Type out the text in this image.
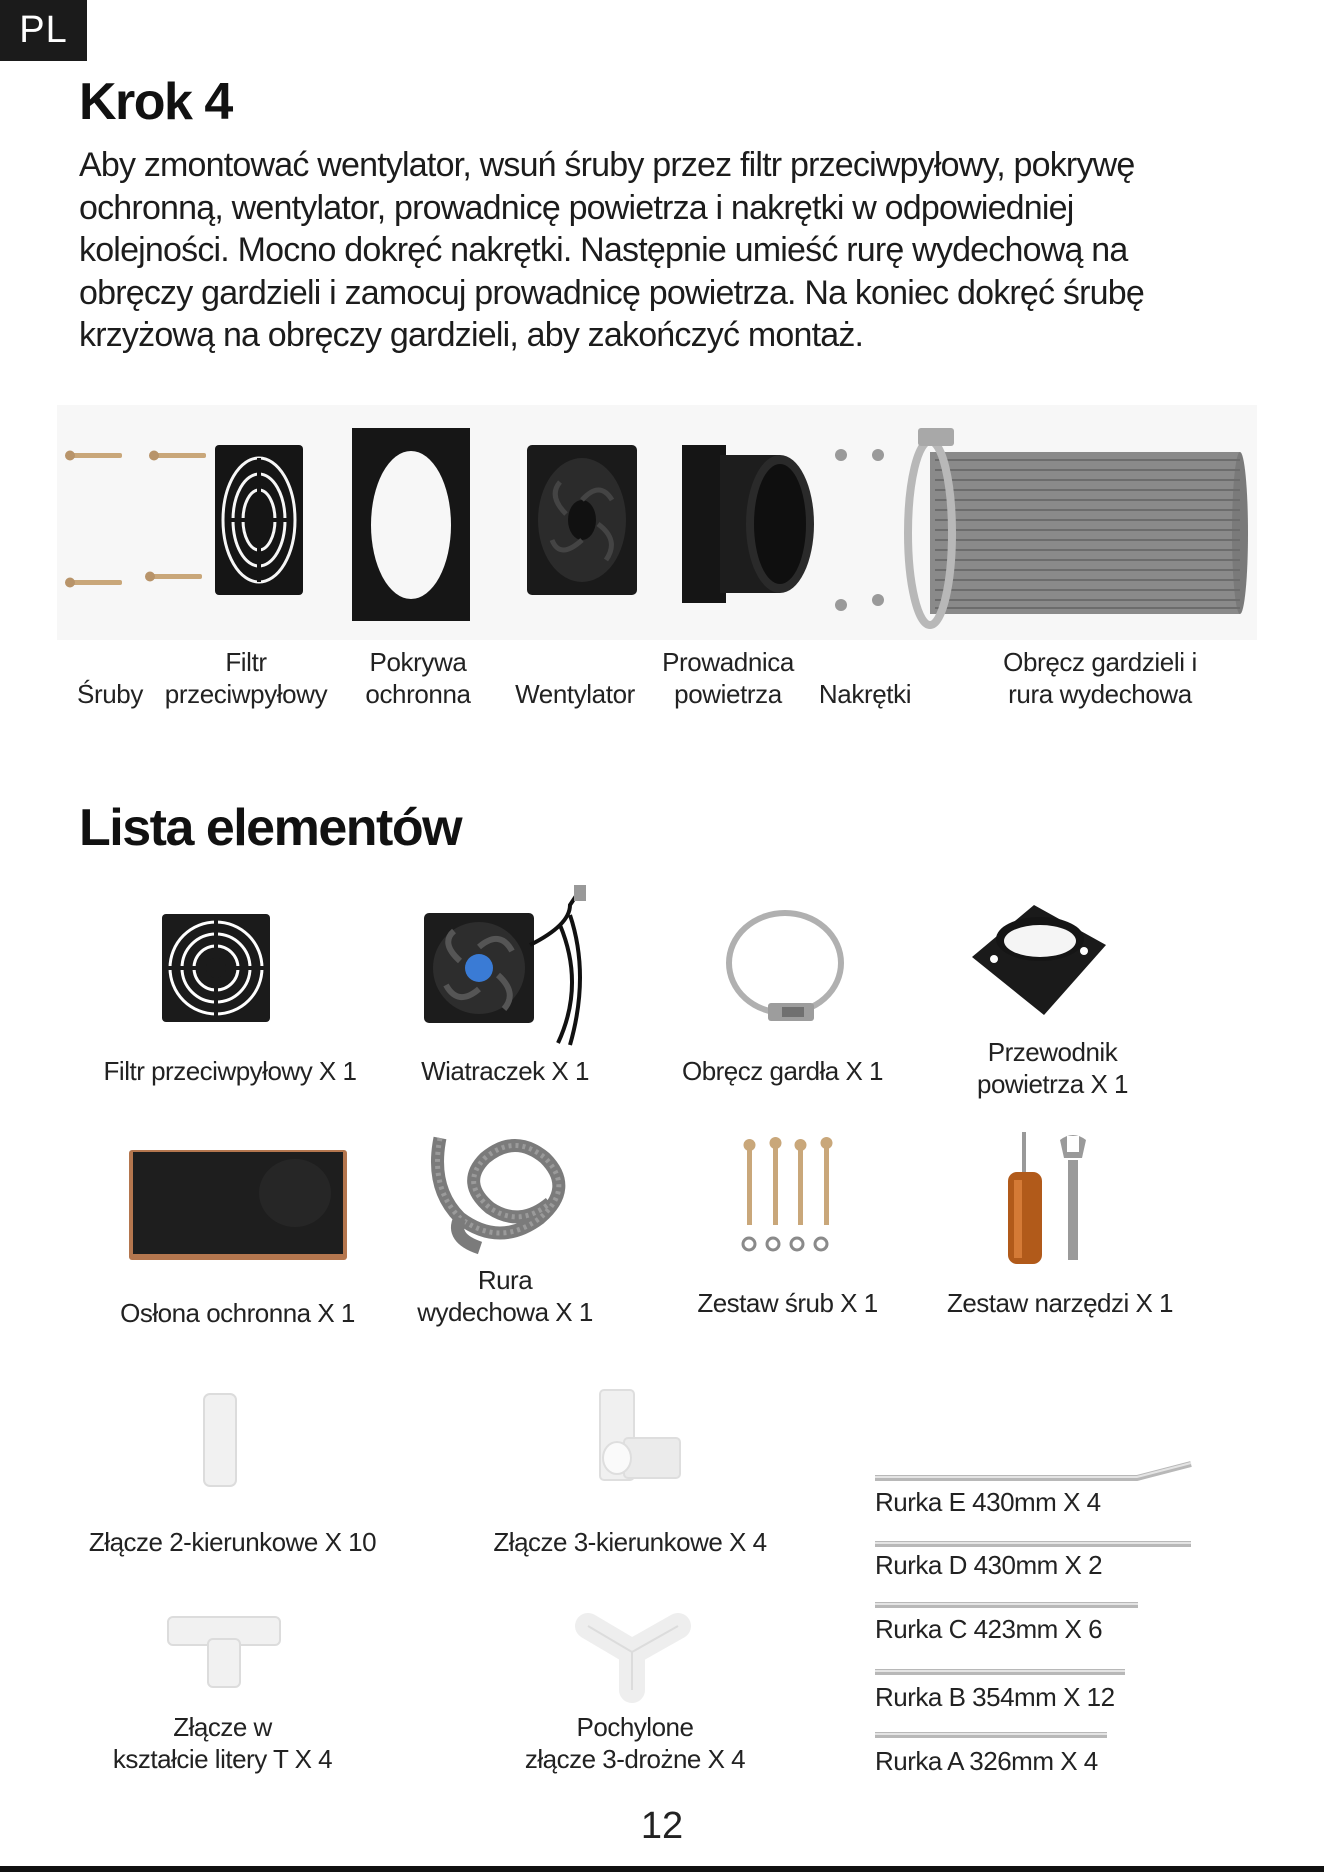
PL
Krok 4
Aby zmontować wentylator, wsuń śruby przez filtr przeciwpyłowy, pokrywę
ochronną, wentylator, prowadnicę powietrza i nakrętki w odpowiedniej
kolejności. Mocno dokręć nakrętki. Następnie umieść rurę wydechową na
obręczy gardzieli i zamocuj prowadnicę powietrza. Na koniec dokręć śrubę
krzyżową na obręczy gardzieli, aby zakończyć montaż.

Śruby
Filtr
przeciwpyłowy
Pokrywa
ochronna
	Wentylator
Prowadnica
powietrza
	Nakrętki
Obręcz gardzieli i
rura wydechowa
Lista elementów
Filtr przeciwpyłowy X 1	Wiatraczek X 1	Obręcz gardła X 1
Przewodnik
powietrza X 1
Osłona ochronna X 1
Rura
wydechowa X 1	Zestaw śrub X 1	Zestaw narzędzi X 1
Złącze 2-kierunkowe X 10	Złącze 3-kierunkowe X 4
Złącze w
kształcie litery T X 4
Pochylone
złącze 3-drożne X 4
Rurka E 430mm X 4
Rurka D 430mm X 2
Rurka C 423mm X 6
Rurka B 354mm X 12
Rurka A 326mm X 4
12
